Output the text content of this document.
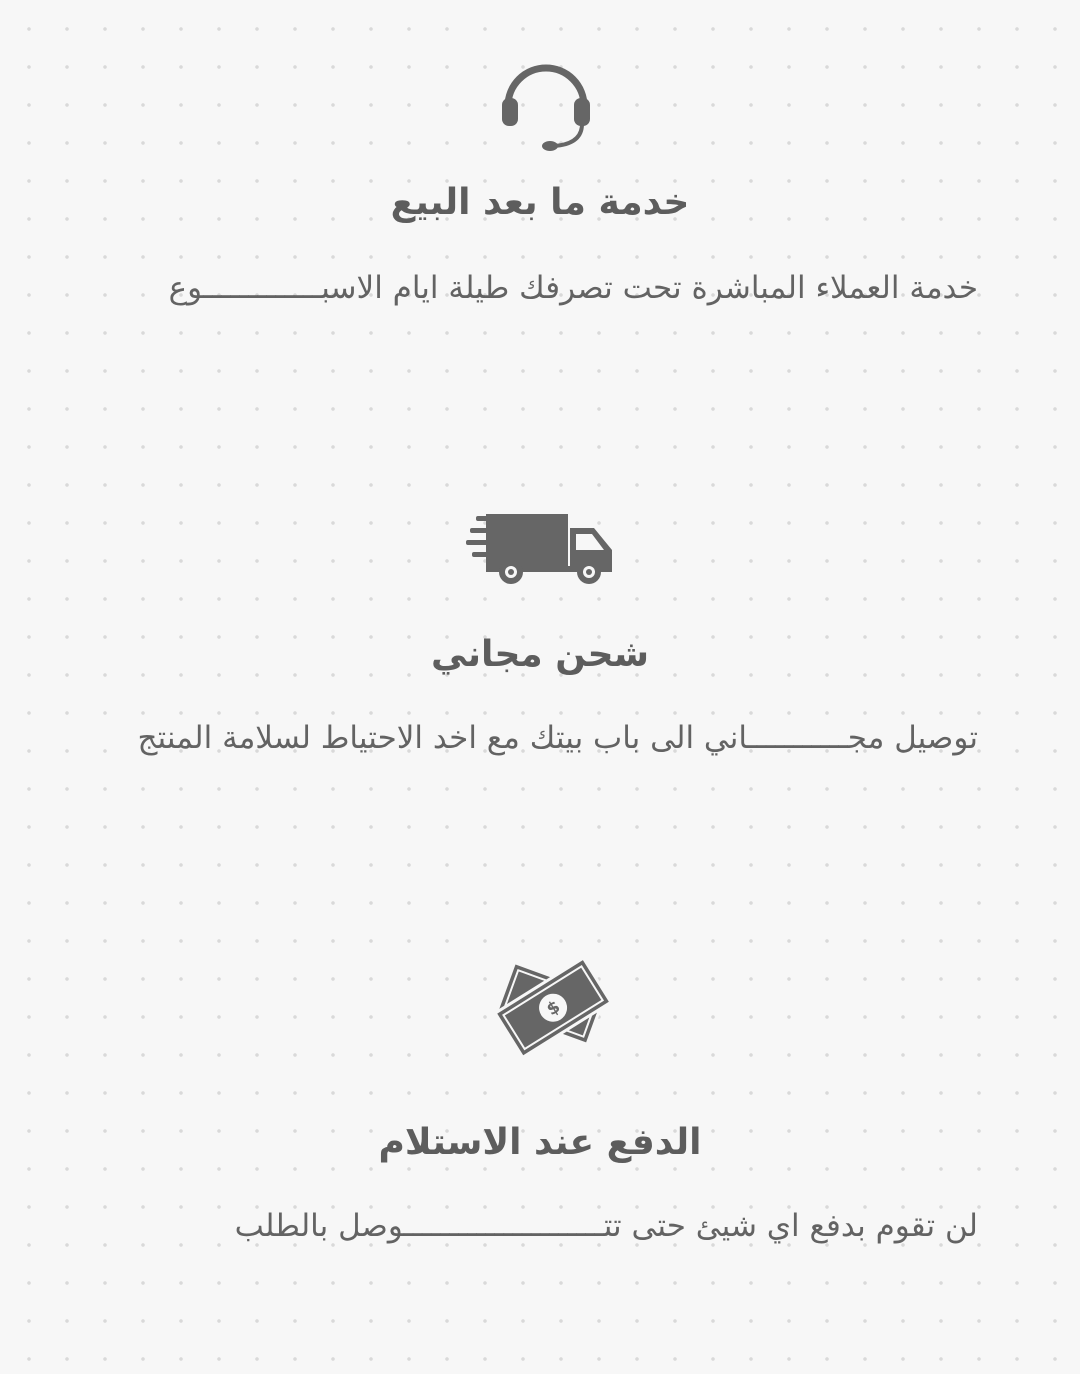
خدمة ما بعد البيع
خدمة العملاء المباشرة تحت تصرفك طيلة ايام الاسبـــــــــــــوع
شحن مجاني
توصيل مجـــــــــــاني الى باب بيتك مع اخد الاحتياط لسلامة المنتج
$
الدفع عند الاستلام
لن تقوم بدفع اي شيئ حتى تتــــــــــــــــــــــوصل بالطلب
